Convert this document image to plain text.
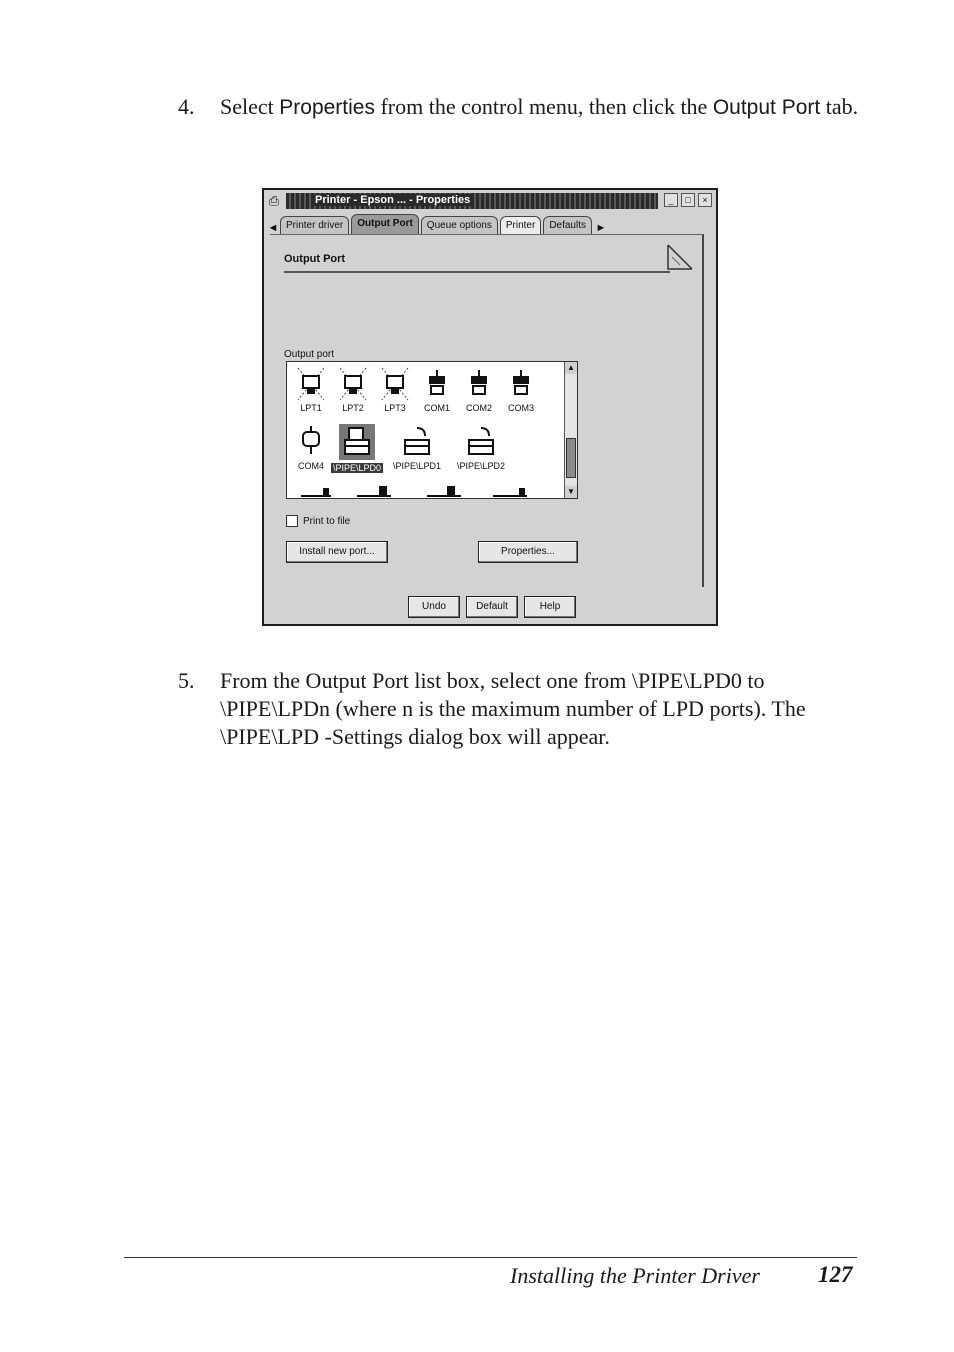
4. Select Properties from the control menu, then click the Output Port tab.
⎙	Printer - Epson ... - Properties	_	□	×
◄ Printer driver	Output Port	Queue options	Printer	Defaults ►
Output Port
Output port
LPT1	LPT2	LPT3	COM1	COM2	COM3
COM4 \PIPE\LPD0 \PIPE\LPD1	\PIPE\LPD2
▲
▼
Print to file
Install new port...	Properties...
Undo	Default	Help
5. From the Output Port list box, select one from \PIPE\LPD0 to \PIPE\LPDn (where n is the maximum number of LPD ports). The \PIPE\LPD -Settings dialog box will appear.
Installing the Printer Driver	127
